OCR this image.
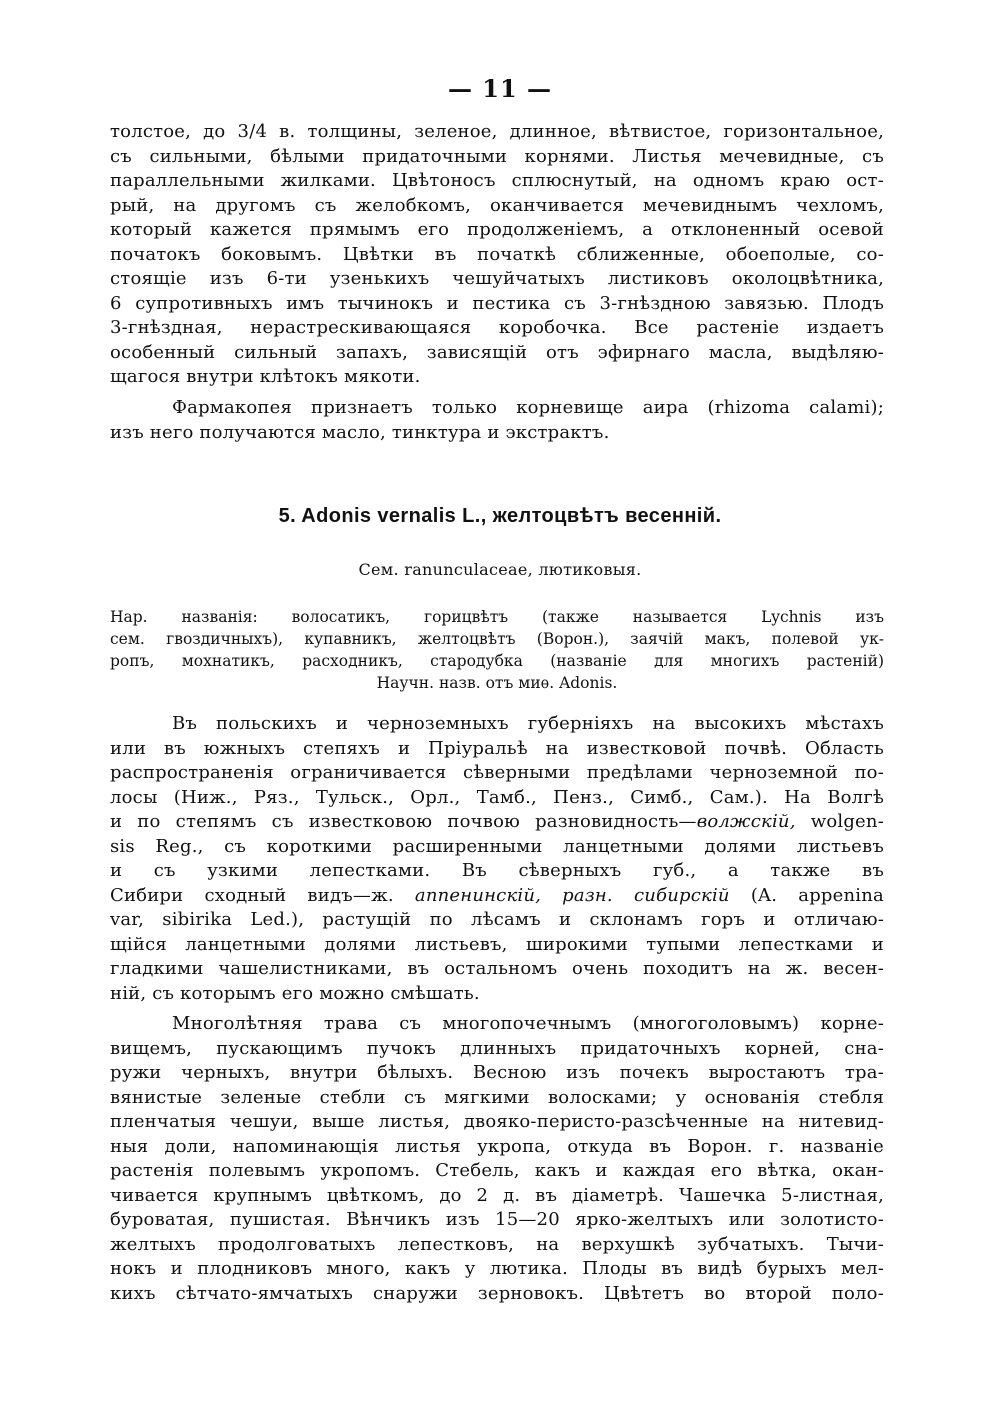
— 11 —
толстое, до 3/4 в. толщины, зеленое, длинное, вѣтвистое, горизонтальное,
съ сильными, бѣлыми придаточными корнями. Листья мечевидные, съ
параллельными жилками. Цвѣтоносъ сплюснутый, на одномъ краю ост-
рый, на другомъ съ желобкомъ, оканчивается мечевиднымъ чехломъ,
который кажется прямымъ его продолженіемъ, а отклоненный осевой
початокъ боковымъ. Цвѣтки въ початкѣ сближенные, обоеполые, со-
стоящіе изъ 6-ти узенькихъ чешуйчатыхъ листиковъ околоцвѣтника,
6 супротивныхъ имъ тычинокъ и пестика съ 3-гнѣздною завязью. Плодъ
3-гнѣздная, нерастрескивающаяся коробочка. Все растеніе издаетъ
особенный сильный запахъ, зависящій отъ эфирнаго масла, выдѣляю-
щагося внутри клѣтокъ мякоти.
Фармакопея признаетъ только корневище аира (rhizoma calami);
изъ него получаются масло, тинктура и экстрактъ.
5. Adonis vernalis L., желтоцвѣтъ весенній.
Сем. ranunculaceae, лютиковыя.
Нар. названія: волосатикъ, горицвѣтъ (также называется Lychnis изъ
сем. гвоздичныхъ), купавникъ, желтоцвѣтъ (Ворон.), заячій макъ, полевой ук-
ропъ, мохнатикъ, расходникъ, стародубка (названіе для многихъ растеній)
Научн. назв. отъ миѳ. Adonis.
Въ польскихъ и черноземныхъ губерніяхъ на высокихъ мѣстахъ
или въ южныхъ степяхъ и Пріуральѣ на известковой почвѣ. Область
распространенія ограничивается сѣверными предѣлами черноземной по-
лосы (Ниж., Ряз., Тульск., Орл., Тамб., Пенз., Симб., Сам.). На Волгѣ
и по степямъ съ известковою почвою разновидность—волжскій, wolgen-
sis Reg., съ короткими расширенными ланцетными долями листьевъ
и съ узкими лепестками. Въ сѣверныхъ губ., а также въ
Сибири сходный видъ—ж. аппенинскій, разн. сибирскій (A. appenina
var, sibirika Led.), растущій по лѣсамъ и склонамъ горъ и отличаю-
щійся ланцетными долями листьевъ, широкими тупыми лепестками и
гладкими чашелистниками, въ остальномъ очень походитъ на ж. весен-
ній, съ которымъ его можно смѣшать.
Многолѣтняя трава съ многопочечнымъ (многоголовымъ) корне-
вищемъ, пускающимъ пучокъ длинныхъ придаточныхъ корней, сна-
ружи черныхъ, внутри бѣлыхъ. Весною изъ почекъ выростаютъ тра-
вянистые зеленые стебли съ мягкими волосками; у основанія стебля
пленчатыя чешуи, выше листья, двояко-перисто-разсѣченные на нитевид-
ныя доли, напоминающія листья укропа, откуда въ Ворон. г. названіе
растенія полевымъ укропомъ. Стебель, какъ и каждая его вѣтка, окан-
чивается крупнымъ цвѣткомъ, до 2 д. въ діаметрѣ. Чашечка 5-листная,
буроватая, пушистая. Вѣнчикъ изъ 15—20 ярко-желтыхъ или золотисто-
желтыхъ продолговатыхъ лепестковъ, на верхушкѣ зубчатыхъ. Тычи-
нокъ и плодниковъ много, какъ у лютика. Плоды въ видѣ бурыхъ мел-
кихъ сѣтчато-ямчатыхъ снаружи зерновокъ. Цвѣтетъ во второй поло-
